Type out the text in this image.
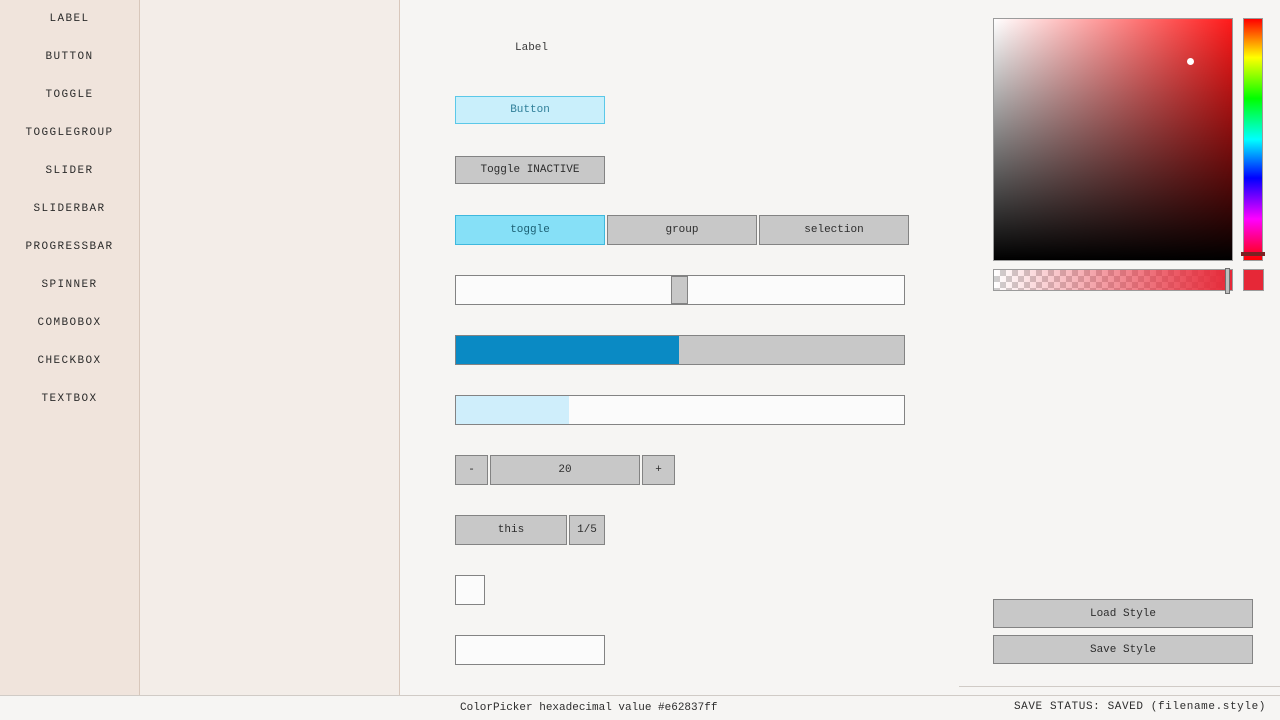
LABEL
BUTTON
TOGGLE
TOGGLEGROUP
SLIDER
SLIDERBAR
PROGRESSBAR
SPINNER
COMBOBOX
CHECKBOX
TEXTBOX
Label
Button
Toggle INACTIVE
toggle	group	selection
-	20	+
this	1/5
Load Style
Save Style
ColorPicker hexadecimal value #e62837ff	SAVE STATUS: SAVED (filename.style)
